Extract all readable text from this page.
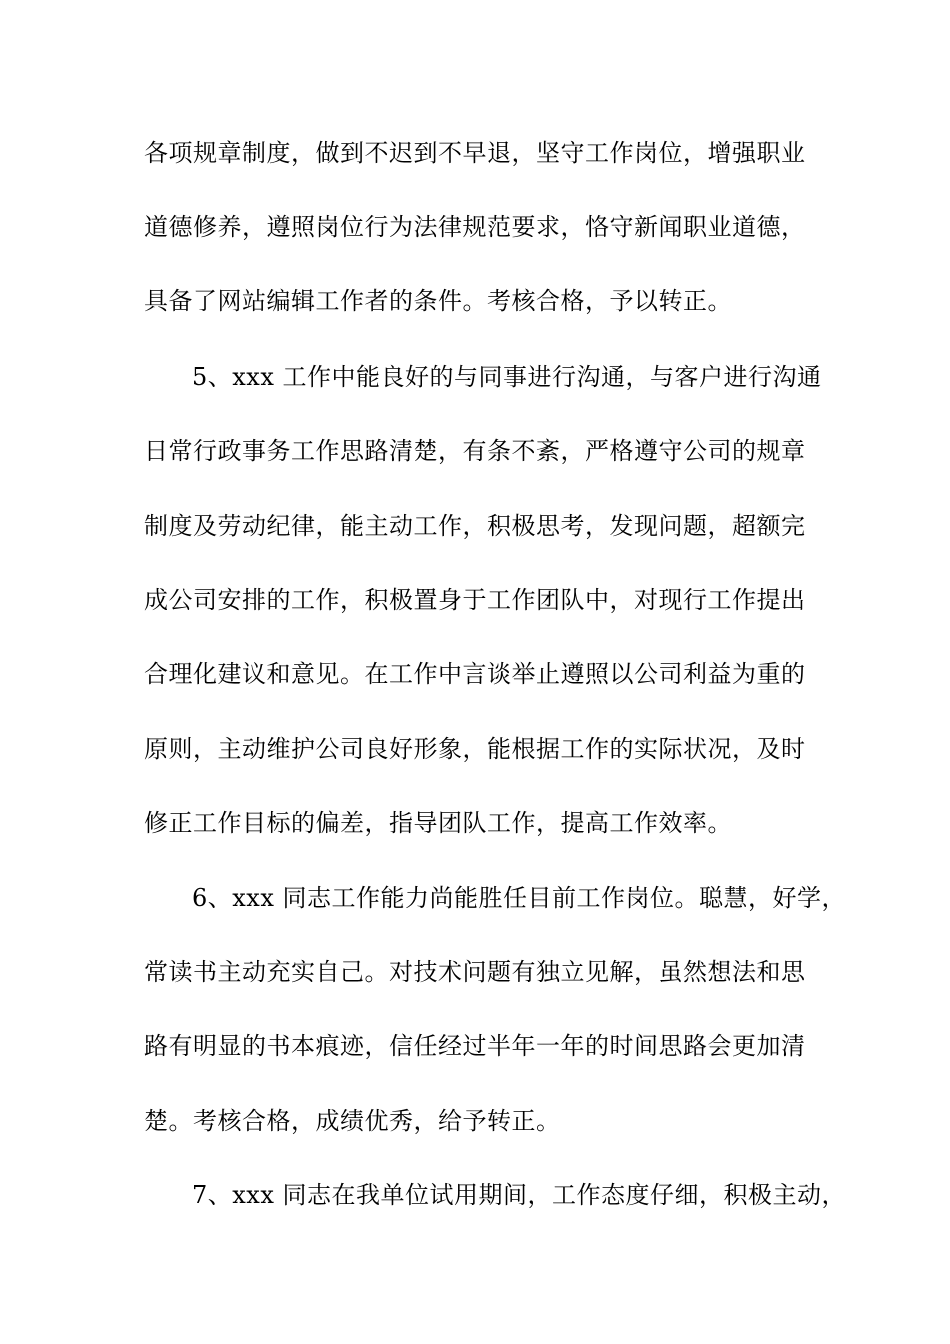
各项规章制度，做到不迟到不早退，坚守工作岗位，增强职业
道德修养，遵照岗位行为法律规范要求，恪守新闻职业道德，
具备了网站编辑工作者的条件。考核合格，予以转正。
5、xxx 工作中能良好的与同事进行沟通，与客户进行沟通
日常行政事务工作思路清楚，有条不紊，严格遵守公司的规章
制度及劳动纪律，能主动工作，积极思考，发现问题，超额完
成公司安排的工作，积极置身于工作团队中，对现行工作提出
合理化建议和意见。在工作中言谈举止遵照以公司利益为重的
原则，主动维护公司良好形象，能根据工作的实际状况，及时
修正工作目标的偏差，指导团队工作，提高工作效率。
6、xxx 同志工作能力尚能胜任目前工作岗位。聪慧，好学，
常读书主动充实自己。对技术问题有独立见解，虽然想法和思
路有明显的书本痕迹，信任经过半年一年的时间思路会更加清
楚。考核合格，成绩优秀，给予转正。
7、xxx 同志在我单位试用期间，工作态度仔细，积极主动，
